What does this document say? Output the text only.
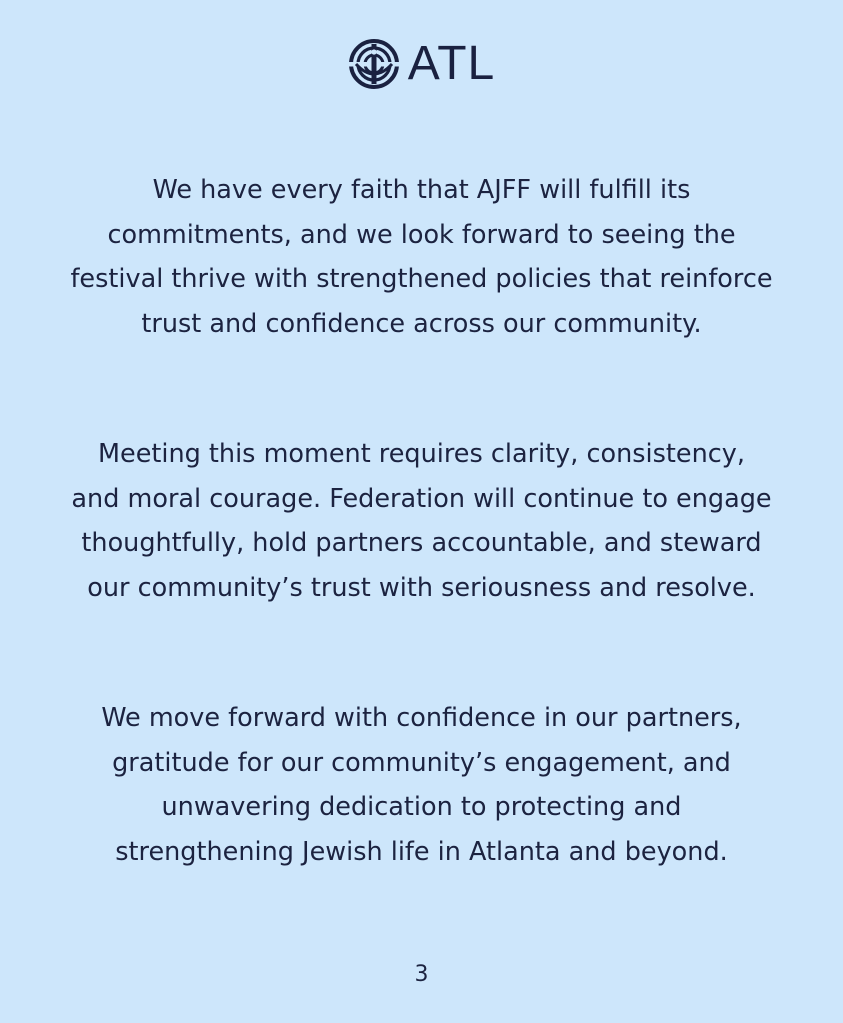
ATL

We have every faith that AJFF will fulfill its commitments, and we look forward to seeing the festival thrive with strengthened policies that reinforce trust and confidence across our community.

Meeting this moment requires clarity, consistency, and moral courage. Federation will continue to engage thoughtfully, hold partners accountable, and steward our community’s trust with seriousness and resolve.

We move forward with confidence in our partners, gratitude for our community’s engagement, and unwavering dedication to protecting and strengthening Jewish life in Atlanta and beyond.

3
